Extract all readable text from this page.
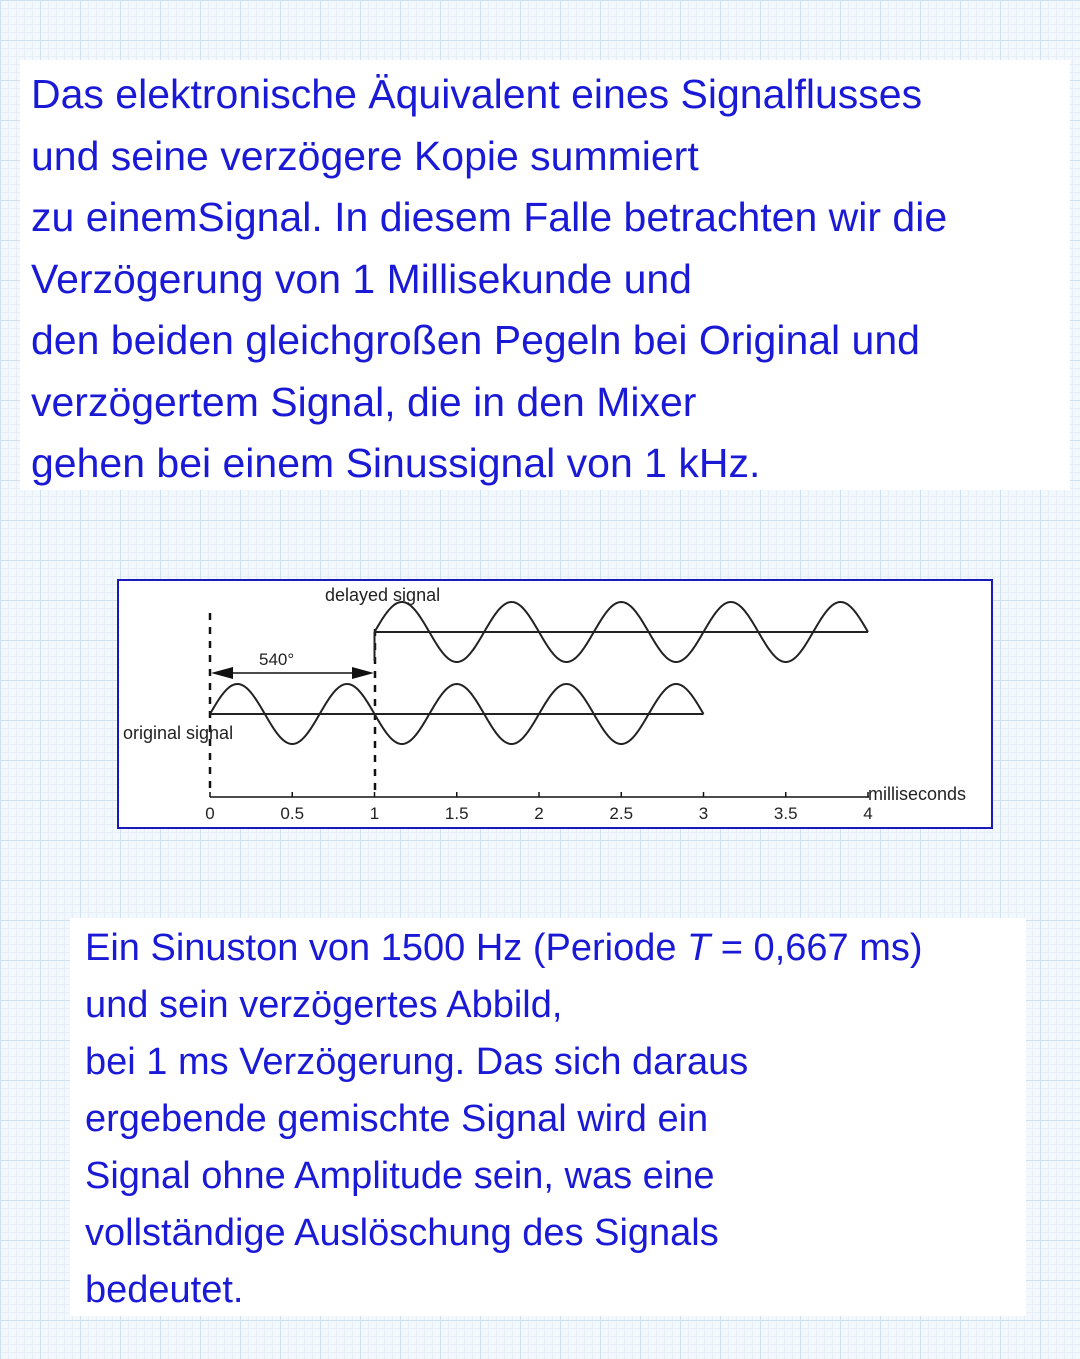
Das elektronische Äquivalent eines Signalflusses
und seine verzögere Kopie summiert
zu einemSignal. In diesem Falle betrachten wir die
Verzögerung von 1 Millisekunde und
den beiden gleichgroßen Pegeln bei Original und
verzögertem Signal, die in den Mixer
gehen bei einem Sinussignal von 1 kHz.
540°
delayed signal
original signal
milliseconds
0	0.5	1	1.5	2	2.5	3	3.5	4
Ein Sinuston von 1500 Hz (Periode T = 0,667 ms)
und sein verzögertes Abbild,
bei 1 ms Verzögerung. Das sich daraus
ergebende gemischte Signal wird ein
Signal ohne Amplitude sein, was eine
vollständige Auslöschung des Signals
bedeutet.
